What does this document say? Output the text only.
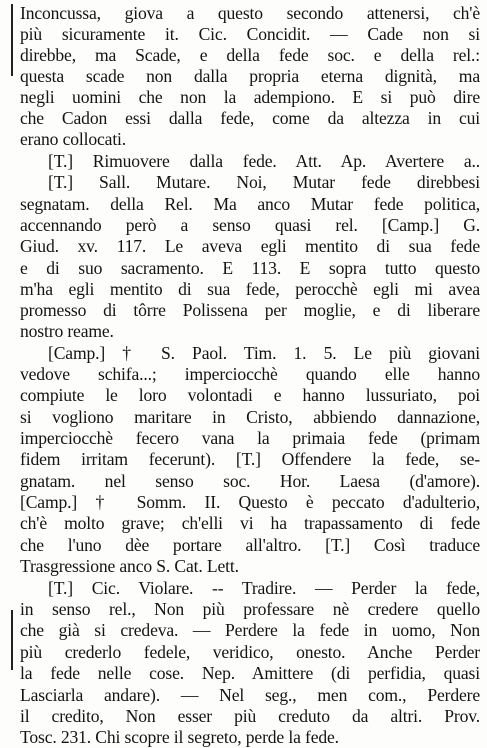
Inconcussa, giova a questo secondo attenersi, ch'è
più sicuramente it. Cic. Concidit. — Cade non si
direbbe, ma Scade, e della fede soc. e della rel.:
questa scade non dalla propria eterna dignità, ma
negli uomini che non la adempiono. E si può dire
che Cadon essi dalla fede, come da altezza in cui
erano collocati.
[T.] Rimuovere dalla fede. Att. Ap. Avertere a..
[T.] Sall. Mutare. Noi, Mutar fede direbbesi
segnatam. della Rel. Ma anco Mutar fede politica,
accennando però a senso quasi rel. [Camp.] G.
Giud. xv. 117. Le aveva egli mentito di sua fede
e di suo sacramento. E 113. E sopra tutto questo
m'ha egli mentito di sua fede, perocchè egli mi avea
promesso di tôrre Polissena per moglie, e di liberare
nostro reame.
[Camp.] † S. Paol. Tim. 1. 5. Le più giovani
vedove schifa...; imperciocchè quando elle hanno
compiute le loro volontadi e hanno lussuriato, poi
si vogliono maritare in Cristo, abbiendo dannazione,
imperciocchè fecero vana la primaia fede (primam
fidem irritam fecerunt). [T.] Offendere la fede, se-
gnatam. nel senso soc. Hor. Laesa (d'amore).
[Camp.] † Somm. II. Questo è peccato d'adulterio,
ch'è molto grave; ch'elli vi ha trapassamento di fede
che l'uno dèe portare all'altro. [T.] Così traduce
Trasgressione anco S. Cat. Lett.
[T.] Cic. Violare. -- Tradire. — Perder la fede,
in senso rel., Non più professare nè credere quello
che già si credeva. — Perdere la fede in uomo, Non
più crederlo fedele, veridico, onesto. Anche Perder
la fede nelle cose. Nep. Amittere (di perfidia, quasi
Lasciarla andare). — Nel seg., men com., Perdere
il credito, Non esser più creduto da altri. Prov.
Tosc. 231. Chi scopre il segreto, perde la fede.
